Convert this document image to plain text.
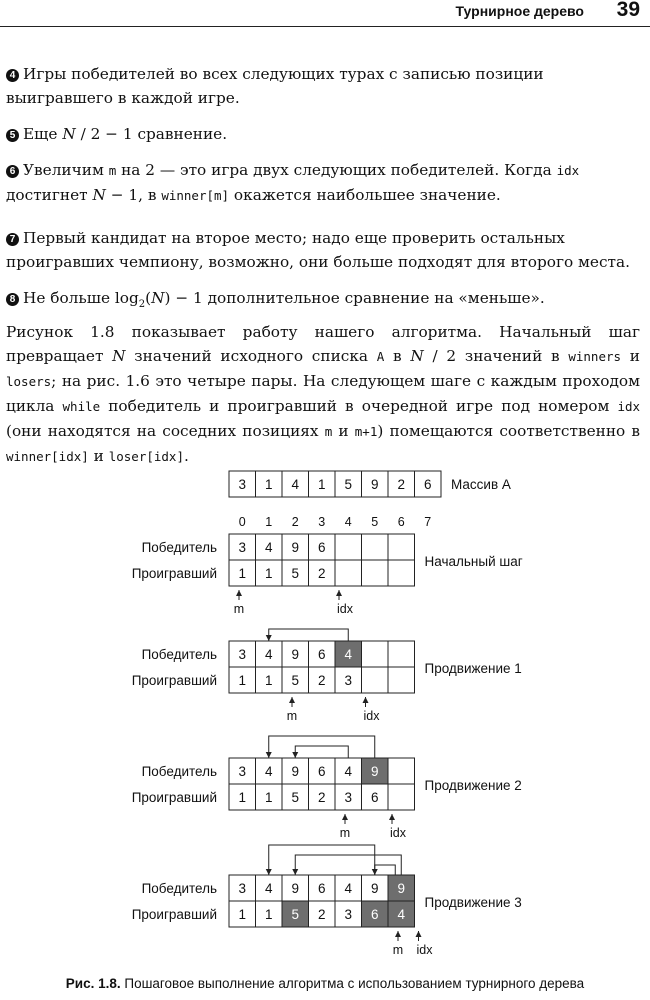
Турнирное дерево 39
4 Игры победителей во всех следующих турах с записью позиции выигравшего в каждой игре.
5 Еще N / 2 − 1 сравнение.
6 Увеличим m на 2 — это игра двух следующих победителей. Когда idx достигнет N − 1, в winner[m] окажется наибольшее значение.
7 Первый кандидат на второе место; надо еще проверить остальных проигравших чемпиону, возможно, они больше подходят для второго места.
8 Не больше $\log_2(N) - 1$ дополнительное сравнение на «меньше».
Рисунок 1.8 показывает работу нашего алгоритма. Начальный шаг превращает N значений исходного списка A в N / 2 значений в winners и losers; на рис. 1.6 это четыре пары. На следующем шаге с каждым проходом цикла while победитель и проигравший в очередной игре под номером idx (они находятся на соседних позициях m и m+1) помещаются соответственно в winner[idx] и loser[idx].
3 1 4 1 5 9 2 6 Массив A
0 1 2 3 4 5 6 7
Победитель
Проигравший
3 4 9 6
1 1 5 2
Начальный шаг
m	idx
Победитель
Проигравший
3 4 9 6 4
1 1 5 2 3
Продвижение 1
m	idx
Победитель
Проигравший
3 4 9 6 4 9
1 1 5 2 3 6
Продвижение 2
m	idx
Победитель
Проигравший
3 4 9 6 4 9 9
1 1 5 2 3 6 4
Продвижение 3
m idx
Рис. 1.8. Пошаговое выполнение алгоритма с использованием турнирного дерева
